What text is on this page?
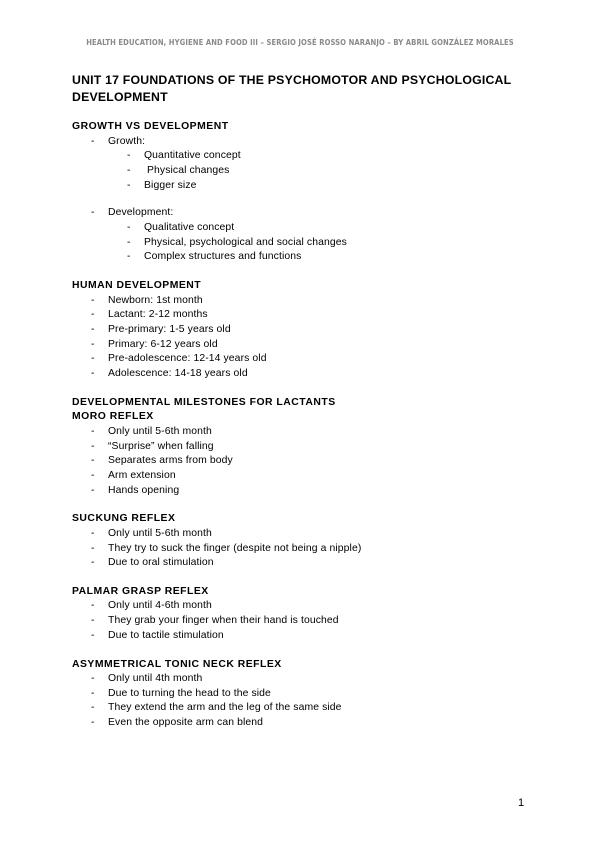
HEALTH EDUCATION, HYGIENE AND FOOD III – SERGIO JOSÉ ROSSO NARANJO – BY ABRIL GONZÁLEZ MORALES
UNIT 17 FOUNDATIONS OF THE PSYCHOMOTOR AND PSYCHOLOGICAL DEVELOPMENT

GROWTH VS DEVELOPMENT

- Growth:
- Quantitative concept
- Physical changes
- Bigger size
- Development:
- Qualitative concept
- Physical, psychological and social changes
- Complex structures and functions

HUMAN DEVELOPMENT

- Newborn: 1st month
- Lactant: 2-12 months
- Pre-primary: 1-5 years old
- Primary: 6-12 years old
- Pre-adolescence: 12-14 years old
- Adolescence: 14-18 years old

DEVELOPMENTAL MILESTONES FOR LACTANTS

MORO REFLEX

- Only until 5-6th month
- “Surprise” when falling
- Separates arms from body
- Arm extension
- Hands opening

SUCKUNG REFLEX

- Only until 5-6th month
- They try to suck the finger (despite not being a nipple)
- Due to oral stimulation

PALMAR GRASP REFLEX

- Only until 4-6th month
- They grab your finger when their hand is touched
- Due to tactile stimulation

ASYMMETRICAL TONIC NECK REFLEX

- Only until 4th month
- Due to turning the head to the side
- They extend the arm and the leg of the same side
- Even the opposite arm can blend
1
